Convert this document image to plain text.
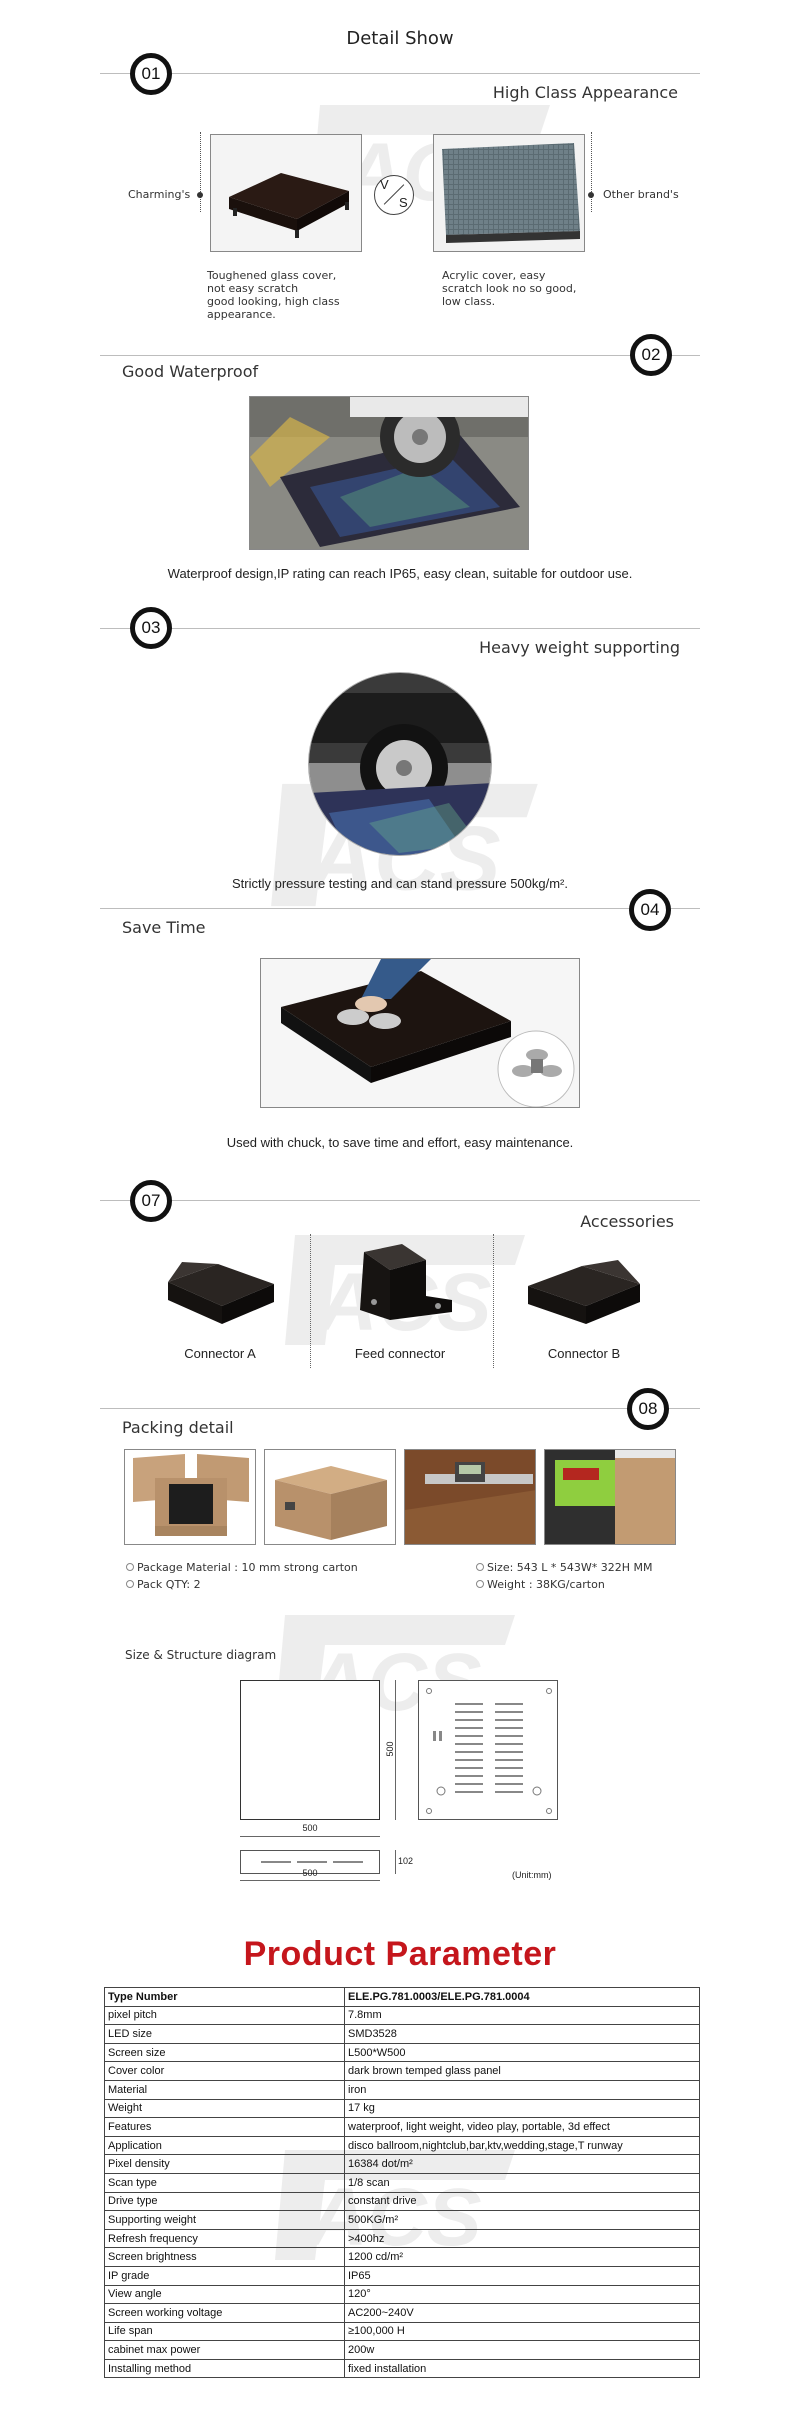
Detail Show
01
High Class Appearance
Charming's	Other brand's
V
S
Toughened glass cover,
not easy scratch
good looking, high class
appearance.
Acrylic cover, easy
scratch look no so good,
low class.
02
Good Waterproof
Waterproof design,IP rating can reach IP65, easy clean, suitable for outdoor use.
03
Heavy weight supporting
Strictly pressure testing and can stand pressure 500kg/m².
04
Save Time
Used with chuck, to save time and effort, easy maintenance.
07
Accessories
Connector A	Feed connector	Connector B
08
Packing detail
Package Material : 10 mm strong carton
Pack QTY: 2
Size: 543 L * 543W* 322H MM
Weight : 38KG/carton
Size & Structure diagram
500
500
500
102
(Unit:mm)
Product Parameter
Type Number	ELE.PG.781.0003/ELE.PG.781.0004
pixel pitch	7.8mm
LED size	SMD3528
Screen size	L500*W500
Cover color	dark brown temped glass panel
Material	iron
Weight	17 kg
Features	waterproof, light weight, video play, portable, 3d effect
Application	disco ballroom,nightclub,bar,ktv,wedding,stage,T runway
Pixel density	16384 dot/m²
Scan type	1/8 scan
Drive type	constant drive
Supporting weight	500KG/m²
Refresh frequency	>400hz
Screen brightness	1200 cd/m²
IP grade	IP65
View angle	120°
Screen working voltage	AC200~240V
Life span	≥100,000 H
cabinet max power	200w
Installing method	fixed installation
